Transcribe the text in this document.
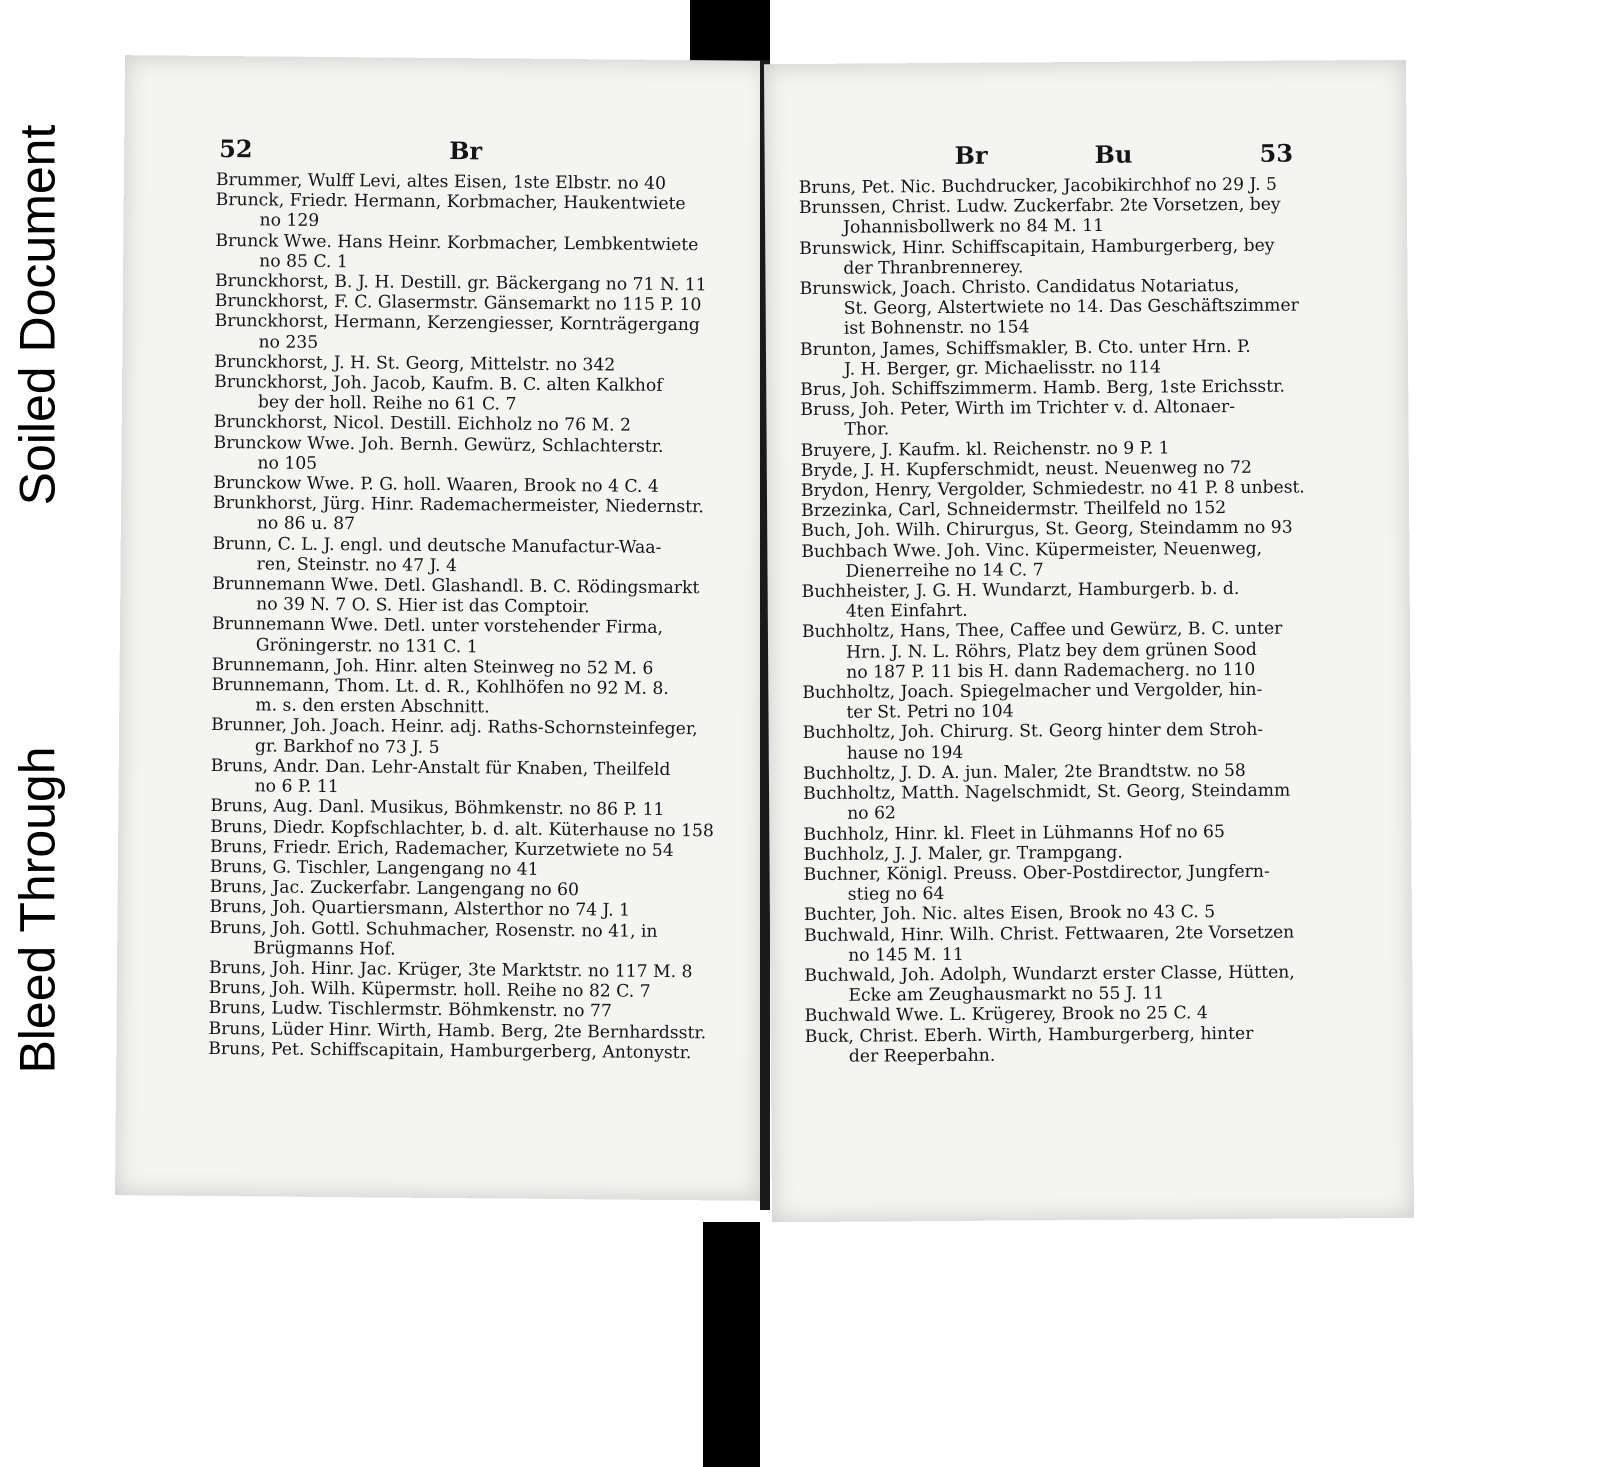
Soiled Document
Bleed Through
52	Br
Brummer, Wulff Levi, altes Eisen, 1ste Elbstr. no 40
Brunck, Friedr. Hermann, Korbmacher, Haukentwiete
no 129
Brunck Wwe. Hans Heinr. Korbmacher, Lembkentwiete
no 85 C. 1
Brunckhorst, B. J. H. Destill. gr. Bäckergang no 71 N. 11
Brunckhorst, F. C. Glasermstr. Gänsemarkt no 115 P. 10
Brunckhorst, Hermann, Kerzengiesser, Kornträgergang
no 235
Brunckhorst, J. H. St. Georg, Mittelstr. no 342
Brunckhorst, Joh. Jacob, Kaufm. B. C. alten Kalkhof
bey der holl. Reihe no 61 C. 7
Brunckhorst, Nicol. Destill. Eichholz no 76 M. 2
Brunckow Wwe. Joh. Bernh. Gewürz, Schlachterstr.
no 105
Brunckow Wwe. P. G. holl. Waaren, Brook no 4 C. 4
Brunkhorst, Jürg. Hinr. Rademachermeister, Niedernstr.
no 86 u. 87
Brunn, C. L. J. engl. und deutsche Manufactur-Waa-
ren, Steinstr. no 47 J. 4
Brunnemann Wwe. Detl. Glashandl. B. C. Rödingsmarkt
no 39 N. 7 O. S. Hier ist das Comptoir.
Brunnemann Wwe. Detl. unter vorstehender Firma,
Gröningerstr. no 131 C. 1
Brunnemann, Joh. Hinr. alten Steinweg no 52 M. 6
Brunnemann, Thom. Lt. d. R., Kohlhöfen no 92 M. 8.
m. s. den ersten Abschnitt.
Brunner, Joh. Joach. Heinr. adj. Raths-Schornsteinfeger,
gr. Barkhof no 73 J. 5
Bruns, Andr. Dan. Lehr-Anstalt für Knaben, Theilfeld
no 6 P. 11
Bruns, Aug. Danl. Musikus, Böhmkenstr. no 86 P. 11
Bruns, Diedr. Kopfschlachter, b. d. alt. Küterhause no 158
Bruns, Friedr. Erich, Rademacher, Kurzetwiete no 54
Bruns, G. Tischler, Langengang no 41
Bruns, Jac. Zuckerfabr. Langengang no 60
Bruns, Joh. Quartiersmann, Alsterthor no 74 J. 1
Bruns, Joh. Gottl. Schuhmacher, Rosenstr. no 41, in
Brügmanns Hof.
Bruns, Joh. Hinr. Jac. Krüger, 3te Marktstr. no 117 M. 8
Bruns, Joh. Wilh. Küpermstr. holl. Reihe no 82 C. 7
Bruns, Ludw. Tischlermstr. Böhmkenstr. no 77
Bruns, Lüder Hinr. Wirth, Hamb. Berg, 2te Bernhardsstr.
Bruns, Pet. Schiffscapitain, Hamburgerberg, Antonystr.
Br	Bu	53
Bruns, Pet. Nic. Buchdrucker, Jacobikirchhof no 29 J. 5
Brunssen, Christ. Ludw. Zuckerfabr. 2te Vorsetzen, bey
Johannisbollwerk no 84 M. 11
Brunswick, Hinr. Schiffscapitain, Hamburgerberg, bey
der Thranbrennerey.
Brunswick, Joach. Christo. Candidatus Notariatus,
St. Georg, Alstertwiete no 14. Das Geschäftszimmer
ist Bohnenstr. no 154
Brunton, James, Schiffsmakler, B. Cto. unter Hrn. P.
J. H. Berger, gr. Michaelisstr. no 114
Brus, Joh. Schiffszimmerm. Hamb. Berg, 1ste Erichsstr.
Bruss, Joh. Peter, Wirth im Trichter v. d. Altonaer-
Thor.
Bruyere, J. Kaufm. kl. Reichenstr. no 9 P. 1
Bryde, J. H. Kupferschmidt, neust. Neuenweg no 72
Brydon, Henry, Vergolder, Schmiedestr. no 41 P. 8 unbest.
Brzezinka, Carl, Schneidermstr. Theilfeld no 152
Buch, Joh. Wilh. Chirurgus, St. Georg, Steindamm no 93
Buchbach Wwe. Joh. Vinc. Küpermeister, Neuenweg,
Dienerreihe no 14 C. 7
Buchheister, J. G. H. Wundarzt, Hamburgerb. b. d.
4ten Einfahrt.
Buchholtz, Hans, Thee, Caffee und Gewürz, B. C. unter
Hrn. J. N. L. Röhrs, Platz bey dem grünen Sood
no 187 P. 11 bis H. dann Rademacherg. no 110
Buchholtz, Joach. Spiegelmacher und Vergolder, hin-
ter St. Petri no 104
Buchholtz, Joh. Chirurg. St. Georg hinter dem Stroh-
hause no 194
Buchholtz, J. D. A. jun. Maler, 2te Brandtstw. no 58
Buchholtz, Matth. Nagelschmidt, St. Georg, Steindamm
no 62
Buchholz, Hinr. kl. Fleet in Lühmanns Hof no 65
Buchholz, J. J. Maler, gr. Trampgang.
Buchner, Königl. Preuss. Ober-Postdirector, Jungfern-
stieg no 64
Buchter, Joh. Nic. altes Eisen, Brook no 43 C. 5
Buchwald, Hinr. Wilh. Christ. Fettwaaren, 2te Vorsetzen
no 145 M. 11
Buchwald, Joh. Adolph, Wundarzt erster Classe, Hütten,
Ecke am Zeughausmarkt no 55 J. 11
Buchwald Wwe. L. Krügerey, Brook no 25 C. 4
Buck, Christ. Eberh. Wirth, Hamburgerberg, hinter
der Reeperbahn.
